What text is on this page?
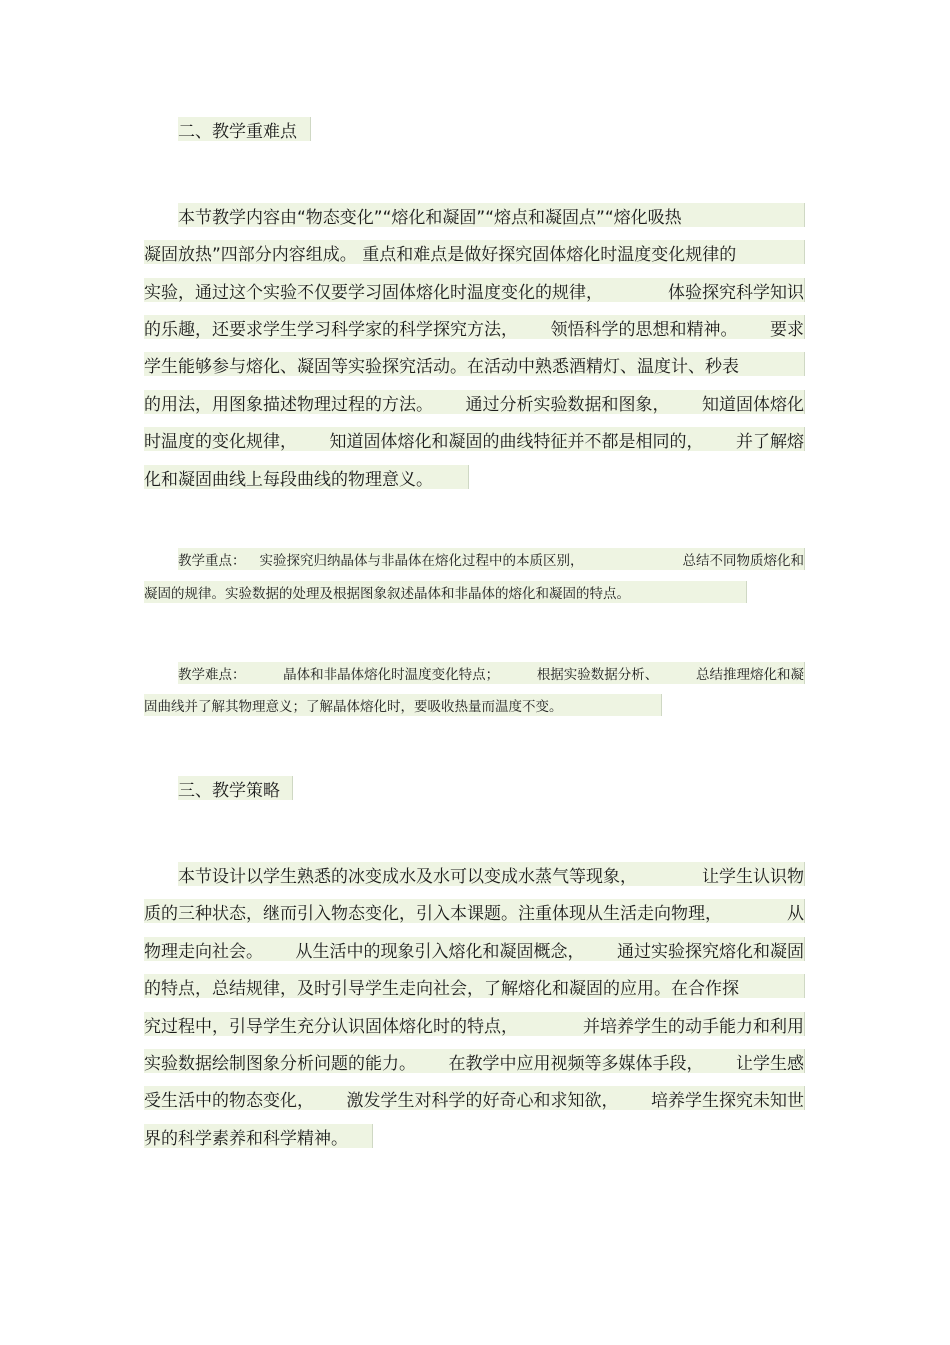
二、教学重难点
本节教学内容由“物态变化”“熔化和凝固”“熔点和凝固点”“熔化吸热
凝固放热”四部分内容组成。 重点和难点是做好探究固体熔化时温度变化规律的
实验，通过这个实验不仅要学习固体熔化时温度变化的规律，	体验探究科学知识
的乐趣，还要求学生学习科学家的科学探究方法， 领悟科学的思想和精神。 要求
学生能够参与熔化、凝固等实验探究活动。在活动中熟悉酒精灯、温度计、秒表
的用法，用图象描述物理过程的方法。 通过分析实验数据和图象， 知道固体熔化
时温度的变化规律， 知道固体熔化和凝固的曲线特征并不都是相同的， 并了解熔
化和凝固曲线上每段曲线的物理意义。
教学重点： 实验探究归纳晶体与非晶体在熔化过程中的本质区别，	总结不同物质熔化和
凝固的规律。实验数据的处理及根据图象叙述晶体和非晶体的熔化和凝固的特点。
教学难点：	晶体和非晶体熔化时温度变化特点；	根据实验数据分析、	总结推理熔化和凝
固曲线并了解其物理意义；了解晶体熔化时，要吸收热量而温度不变。
三、教学策略
本节设计以学生熟悉的冰变成水及水可以变成水蒸气等现象，	让学生认识物
质的三种状态，继而引入物态变化，引入本课题。注重体现从生活走向物理，	从
物理走向社会。 从生活中的现象引入熔化和凝固概念， 通过实验探究熔化和凝固
的特点，总结规律，及时引导学生走向社会，了解熔化和凝固的应用。在合作探
究过程中，引导学生充分认识固体熔化时的特点，	并培养学生的动手能力和利用
实验数据绘制图象分析问题的能力。 在教学中应用视频等多媒体手段， 让学生感
受生活中的物态变化， 激发学生对科学的好奇心和求知欲， 培养学生探究未知世
界的科学素养和科学精神。
